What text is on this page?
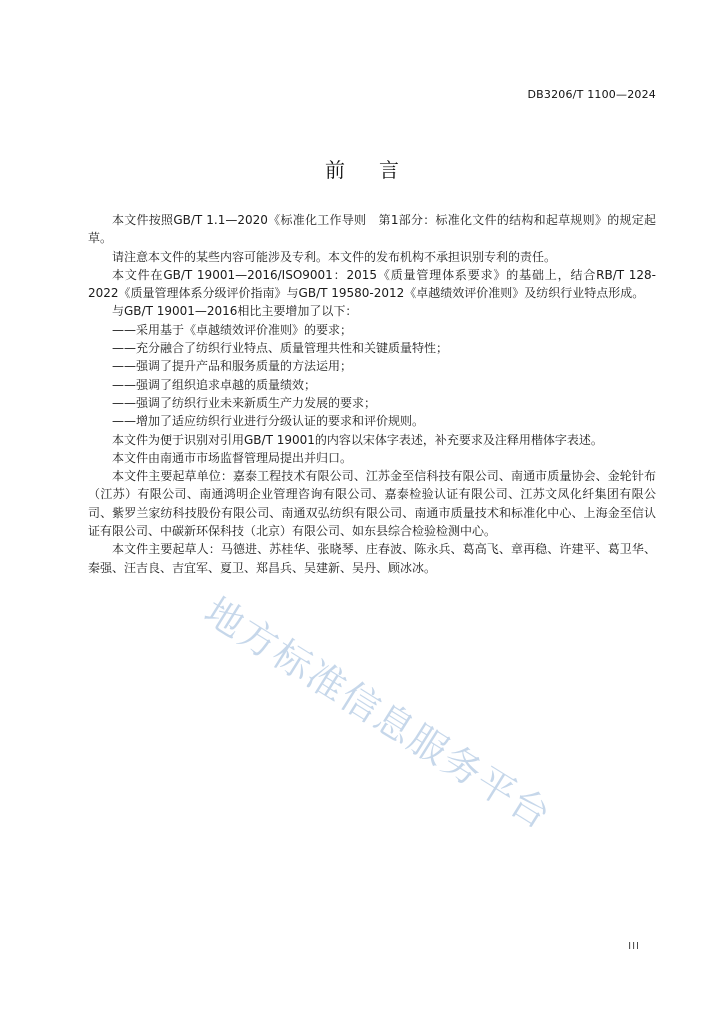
DB3206/T 1100—2024
前言

本文件按照GB/T 1.1—2020《标准化工作导则　第1部分：标准化文件的结构和起草规则》的规定起草。

请注意本文件的某些内容可能涉及专利。本文件的发布机构不承担识别专利的责任。

本文件在GB/T 19001—2016/ISO9001：2015《质量管理体系要求》的基础上，结合RB/T 128-2022《质量管理体系分级评价指南》与GB/T 19580-2012《卓越绩效评价准则》及纺织行业特点形成。

与GB/T 19001—2016相比主要增加了以下：

——采用基于《卓越绩效评价准则》的要求；

——充分融合了纺织行业特点、质量管理共性和关键质量特性；

——强调了提升产品和服务质量的方法运用；

——强调了组织追求卓越的质量绩效；

——强调了纺织行业未来新质生产力发展的要求；

——增加了适应纺织行业进行分级认证的要求和评价规则。

本文件为便于识别对引用GB/T 19001的内容以宋体字表述，补充要求及注释用楷体字表述。

本文件由南通市市场监督管理局提出并归口。

本文件主要起草单位：嘉泰工程技术有限公司、江苏金至信科技有限公司、南通市质量协会、金轮针布（江苏）有限公司、南通鸿明企业管理咨询有限公司、嘉泰检验认证有限公司、江苏文凤化纤集团有限公司、紫罗兰家纺科技股份有限公司、南通双弘纺织有限公司、南通市质量技术和标准化中心、上海金至信认证有限公司、中碳新环保科技（北京）有限公司、如东县综合检验检测中心。

本文件主要起草人：马德进、苏桂华、张晓琴、庄春波、陈永兵、葛高飞、章再稳、许建平、葛卫华、秦强、汪吉良、吉宜军、夏卫、郑昌兵、吴建新、吴丹、顾冰冰。

地方标准信息服务平台
III
